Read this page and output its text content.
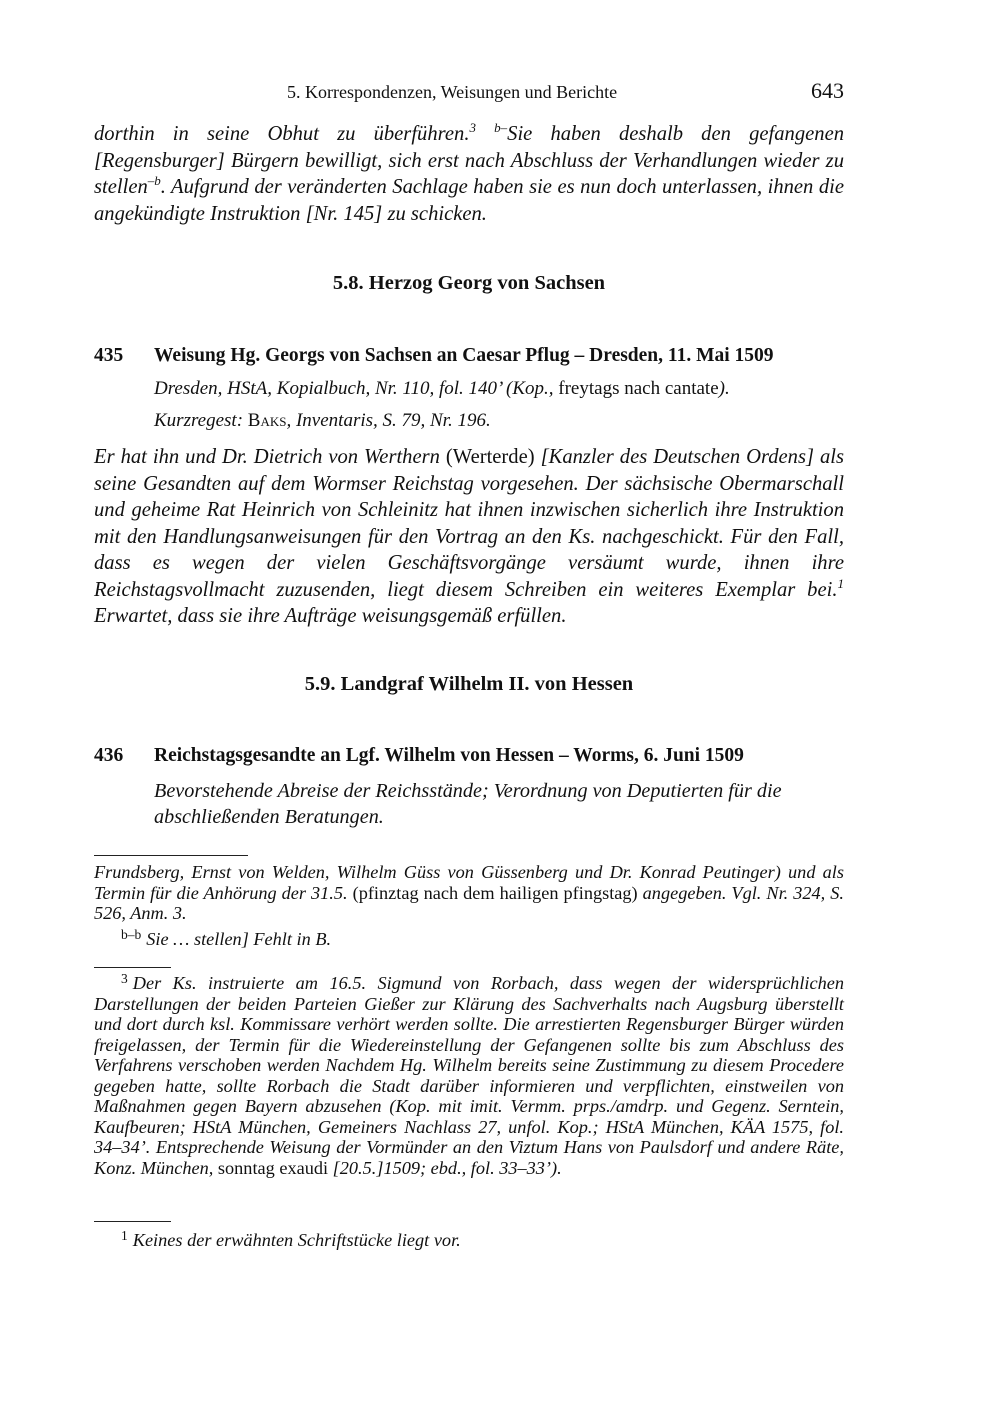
5. Korrespondenzen, Weisungen und Berichte	643

dorthin in seine Obhut zu überführen.$^3$ $^{b-}$Sie haben deshalb den gefangenen [Regensburger] Bürgern bewilligt, sich erst nach Abschluss der Verhandlungen wieder zu stellen$^{-b}$. Aufgrund der veränderten Sachlage haben sie es nun doch unterlassen, ihnen die angekündigte Instruktion [Nr. 145] zu schicken.

5.8. Herzog Georg von Sachsen
435 Weisung Hg. Georgs von Sachsen an Caesar Pflug – Dresden, 11. Mai 1509

Dresden, HStA, Kopialbuch, Nr. 110, fol. 140’ (Kop., freytags nach cantate).

Kurzregest: Baks, Inventaris, S. 79, Nr. 196.

Er hat ihn und Dr. Dietrich von Werthern (Werterde) [Kanzler des Deutschen Ordens] als seine Gesandten auf dem Wormser Reichstag vorgesehen. Der sächsische Obermarschall und geheime Rat Heinrich von Schleinitz hat ihnen inzwischen sicherlich ihre Instruktion mit den Handlungsanweisungen für den Vortrag an den Ks. nachgeschickt. Für den Fall, dass es wegen der vielen Geschäftsvorgänge versäumt wurde, ihnen ihre Reichstagsvollmacht zuzusenden, liegt diesem Schreiben ein weiteres Exemplar bei.$^1$ Erwartet, dass sie ihre Aufträge weisungsgemäß erfüllen.

5.9. Landgraf Wilhelm II. von Hessen
436 Reichstagsgesandte an Lgf. Wilhelm von Hessen – Worms, 6. Juni 1509

Bevorstehende Abreise der Reichsstände; Verordnung von Deputierten für die abschließenden Beratungen.

Frundsberg, Ernst von Welden, Wilhelm Güss von Güssenberg und Dr. Konrad Peutinger) und als Termin für die Anhörung der 31.5. (pfinztag nach dem hailigen pfingstag) angegeben. Vgl. Nr. 324, S. 526, Anm. 3.

$^{b-b}$ Sie … stellen] Fehlt in B.

$^3$ Der Ks. instruierte am 16.5. Sigmund von Rorbach, dass wegen der widersprüchlichen Darstellungen der beiden Parteien Gießer zur Klärung des Sachverhalts nach Augsburg überstellt und dort durch ksl. Kommissare verhört werden sollte. Die arrestierten Regensburger Bürger würden freigelassen, der Termin für die Wiedereinstellung der Gefangenen sollte bis zum Abschluss des Verfahrens verschoben werden Nachdem Hg. Wilhelm bereits seine Zustimmung zu diesem Procedere gegeben hatte, sollte Rorbach die Stadt darüber informieren und verpflichten, einstweilen von Maßnahmen gegen Bayern abzusehen (Kop. mit imit. Vermm. prps./amdrp. und Gegenz. Serntein, Kaufbeuren; HStA München, Gemeiners Nachlass 27, unfol. Kop.; HStA München, KÄA 1575, fol. 34–34’. Entsprechende Weisung der Vormünder an den Viztum Hans von Paulsdorf und andere Räte, Konz. München, sonntag exaudi [20.5.]1509; ebd., fol. 33–33’).

$^1$ Keines der erwähnten Schriftstücke liegt vor.
